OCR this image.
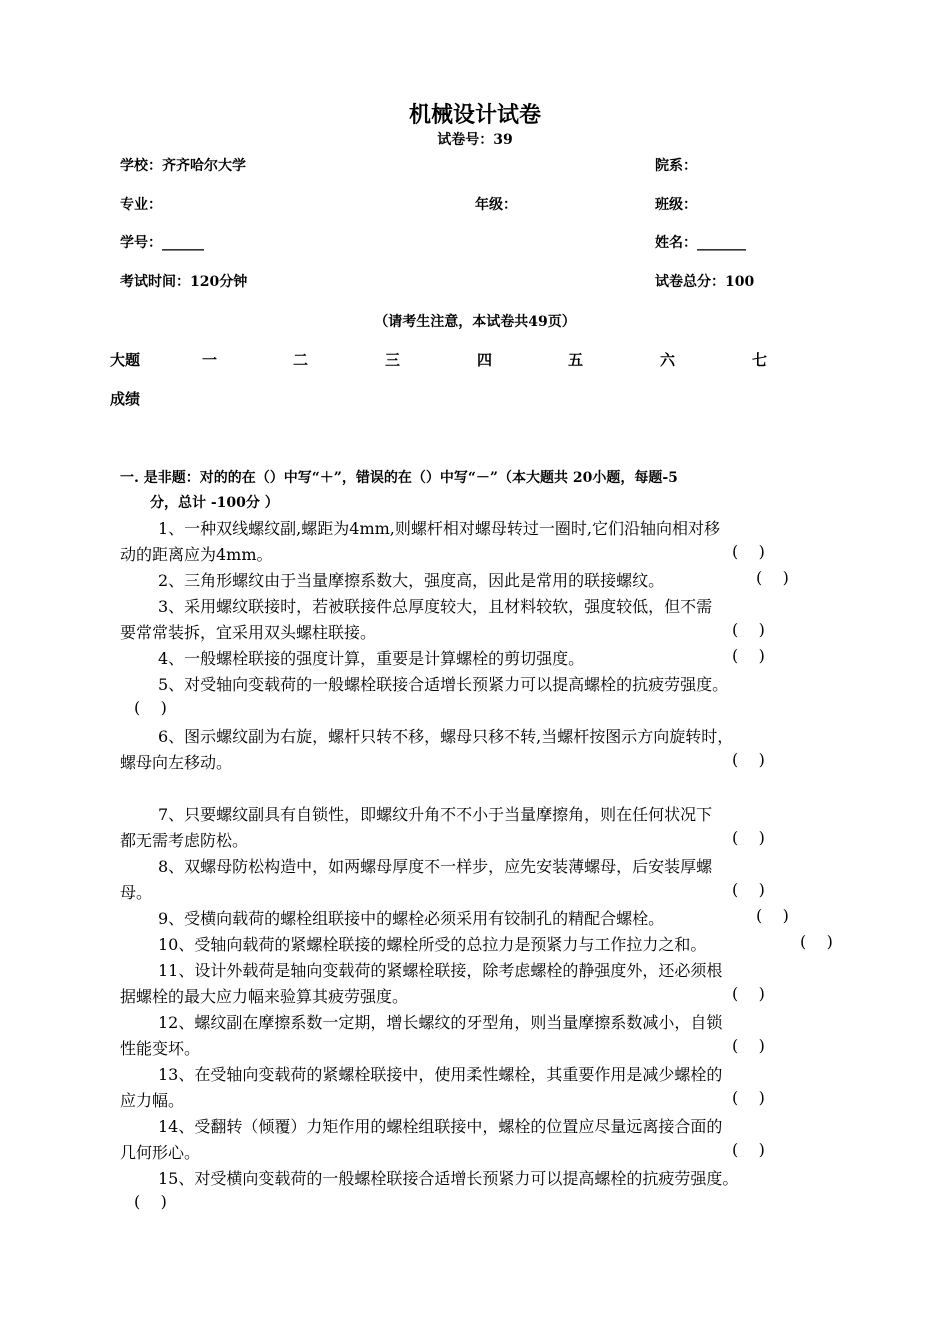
机械设计试卷
试卷号：39
学校：齐齐哈尔大学	院系：
专业：	年级：	班级：
学号：______	姓名：_______
考试时间：120分钟	试卷总分：100
（请考生注意，本试卷共49页）
大题	一	二	三	四	五	六	七
成绩
一. 是非题：对的的在（）中写“＋”，错误的在（）中写“－”（本大题共 20小题，每题-5
分，总计 -100分 ）
1、一种双线螺纹副,螺距为4mm,则螺杆相对螺母转过一圈时,它们沿轴向相对移
动的距离应为4mm。	(    )
2、三角形螺纹由于当量摩擦系数大，强度高，因此是常用的联接螺纹。	(    )
3、采用螺纹联接时，若被联接件总厚度较大，且材料较软，强度较低，但不需
要常常装拆，宜采用双头螺柱联接。	(    )
4、一般螺栓联接的强度计算，重要是计算螺栓的剪切强度。	(    )
5、对受轴向变载荷的一般螺栓联接合适增长预紧力可以提高螺栓的抗疲劳强度。
(    )
6、图示螺纹副为右旋，螺杆只转不移，螺母只移不转,当螺杆按图示方向旋转时，
螺母向左移动。	(    )
7、只要螺纹副具有自锁性，即螺纹升角不不小于当量摩擦角，则在任何状况下
都无需考虑防松。	(    )
8、双螺母防松构造中，如两螺母厚度不一样步，应先安装薄螺母，后安装厚螺
母。	(    )
9、受横向载荷的螺栓组联接中的螺栓必须采用有铰制孔的精配合螺栓。	(    )
10、受轴向载荷的紧螺栓联接的螺栓所受的总拉力是预紧力与工作拉力之和。	(    )
11、设计外载荷是轴向变载荷的紧螺栓联接，除考虑螺栓的静强度外，还必须根
据螺栓的最大应力幅来验算其疲劳强度。	(    )
12、螺纹副在摩擦系数一定期，增长螺纹的牙型角，则当量摩擦系数减小，自锁
性能变坏。	(    )
13、在受轴向变载荷的紧螺栓联接中，使用柔性螺栓，其重要作用是减少螺栓的
应力幅。	(    )
14、受翻转（倾覆）力矩作用的螺栓组联接中，螺栓的位置应尽量远离接合面的
几何形心。	(    )
15、对受横向变载荷的一般螺栓联接合适增长预紧力可以提高螺栓的抗疲劳强度。
(    )
